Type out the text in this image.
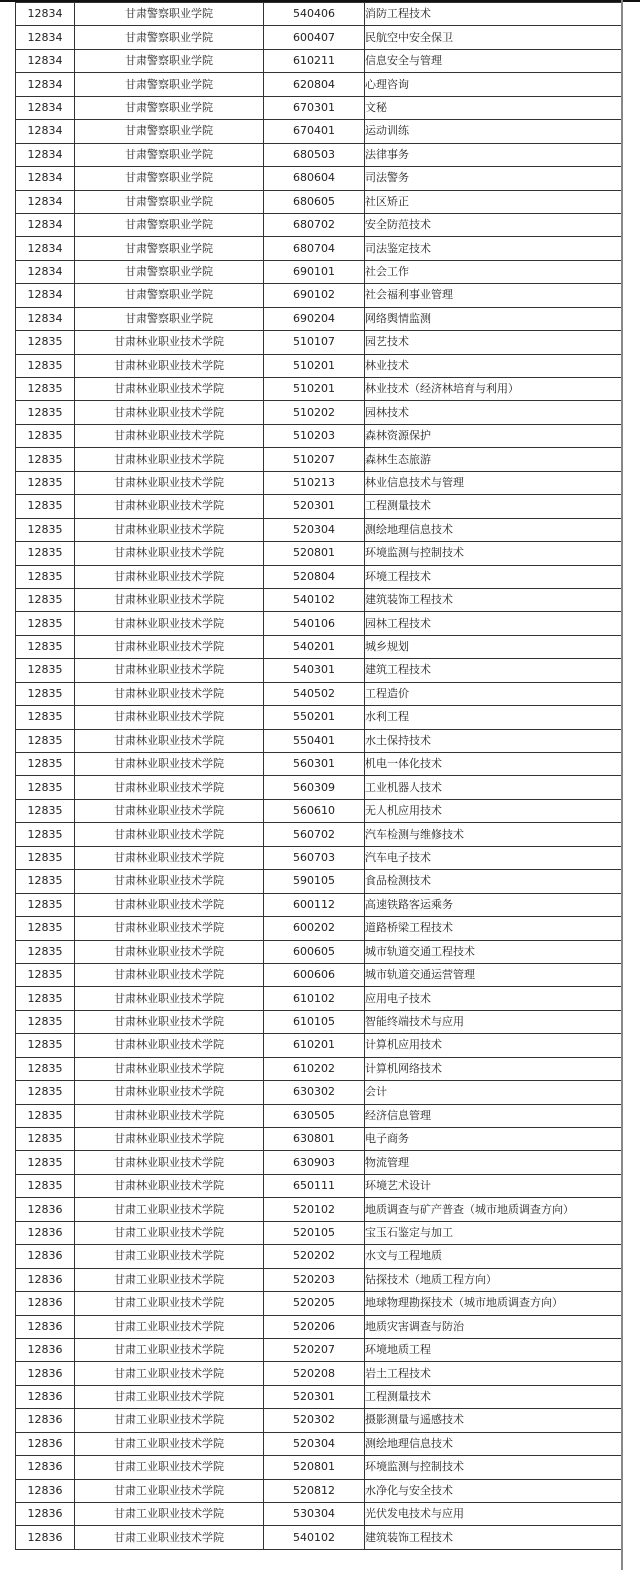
12834	甘肃警察职业学院	540406	消防工程技术
12834	甘肃警察职业学院	600407	民航空中安全保卫
12834	甘肃警察职业学院	610211	信息安全与管理
12834	甘肃警察职业学院	620804	心理咨询
12834	甘肃警察职业学院	670301	文秘
12834	甘肃警察职业学院	670401	运动训练
12834	甘肃警察职业学院	680503	法律事务
12834	甘肃警察职业学院	680604	司法警务
12834	甘肃警察职业学院	680605	社区矫正
12834	甘肃警察职业学院	680702	安全防范技术
12834	甘肃警察职业学院	680704	司法鉴定技术
12834	甘肃警察职业学院	690101	社会工作
12834	甘肃警察职业学院	690102	社会福利事业管理
12834	甘肃警察职业学院	690204	网络舆情监测
12835	甘肃林业职业技术学院	510107	园艺技术
12835	甘肃林业职业技术学院	510201	林业技术
12835	甘肃林业职业技术学院	510201	林业技术（经济林培育与利用）
12835	甘肃林业职业技术学院	510202	园林技术
12835	甘肃林业职业技术学院	510203	森林资源保护
12835	甘肃林业职业技术学院	510207	森林生态旅游
12835	甘肃林业职业技术学院	510213	林业信息技术与管理
12835	甘肃林业职业技术学院	520301	工程测量技术
12835	甘肃林业职业技术学院	520304	测绘地理信息技术
12835	甘肃林业职业技术学院	520801	环境监测与控制技术
12835	甘肃林业职业技术学院	520804	环境工程技术
12835	甘肃林业职业技术学院	540102	建筑装饰工程技术
12835	甘肃林业职业技术学院	540106	园林工程技术
12835	甘肃林业职业技术学院	540201	城乡规划
12835	甘肃林业职业技术学院	540301	建筑工程技术
12835	甘肃林业职业技术学院	540502	工程造价
12835	甘肃林业职业技术学院	550201	水利工程
12835	甘肃林业职业技术学院	550401	水土保持技术
12835	甘肃林业职业技术学院	560301	机电一体化技术
12835	甘肃林业职业技术学院	560309	工业机器人技术
12835	甘肃林业职业技术学院	560610	无人机应用技术
12835	甘肃林业职业技术学院	560702	汽车检测与维修技术
12835	甘肃林业职业技术学院	560703	汽车电子技术
12835	甘肃林业职业技术学院	590105	食品检测技术
12835	甘肃林业职业技术学院	600112	高速铁路客运乘务
12835	甘肃林业职业技术学院	600202	道路桥梁工程技术
12835	甘肃林业职业技术学院	600605	城市轨道交通工程技术
12835	甘肃林业职业技术学院	600606	城市轨道交通运营管理
12835	甘肃林业职业技术学院	610102	应用电子技术
12835	甘肃林业职业技术学院	610105	智能终端技术与应用
12835	甘肃林业职业技术学院	610201	计算机应用技术
12835	甘肃林业职业技术学院	610202	计算机网络技术
12835	甘肃林业职业技术学院	630302	会计
12835	甘肃林业职业技术学院	630505	经济信息管理
12835	甘肃林业职业技术学院	630801	电子商务
12835	甘肃林业职业技术学院	630903	物流管理
12835	甘肃林业职业技术学院	650111	环境艺术设计
12836	甘肃工业职业技术学院	520102	地质调查与矿产普查（城市地质调查方向）
12836	甘肃工业职业技术学院	520105	宝玉石鉴定与加工
12836	甘肃工业职业技术学院	520202	水文与工程地质
12836	甘肃工业职业技术学院	520203	钻探技术（地质工程方向）
12836	甘肃工业职业技术学院	520205	地球物理勘探技术（城市地质调查方向）
12836	甘肃工业职业技术学院	520206	地质灾害调查与防治
12836	甘肃工业职业技术学院	520207	环境地质工程
12836	甘肃工业职业技术学院	520208	岩土工程技术
12836	甘肃工业职业技术学院	520301	工程测量技术
12836	甘肃工业职业技术学院	520302	摄影测量与遥感技术
12836	甘肃工业职业技术学院	520304	测绘地理信息技术
12836	甘肃工业职业技术学院	520801	环境监测与控制技术
12836	甘肃工业职业技术学院	520812	水净化与安全技术
12836	甘肃工业职业技术学院	530304	光伏发电技术与应用
12836	甘肃工业职业技术学院	540102	建筑装饰工程技术
